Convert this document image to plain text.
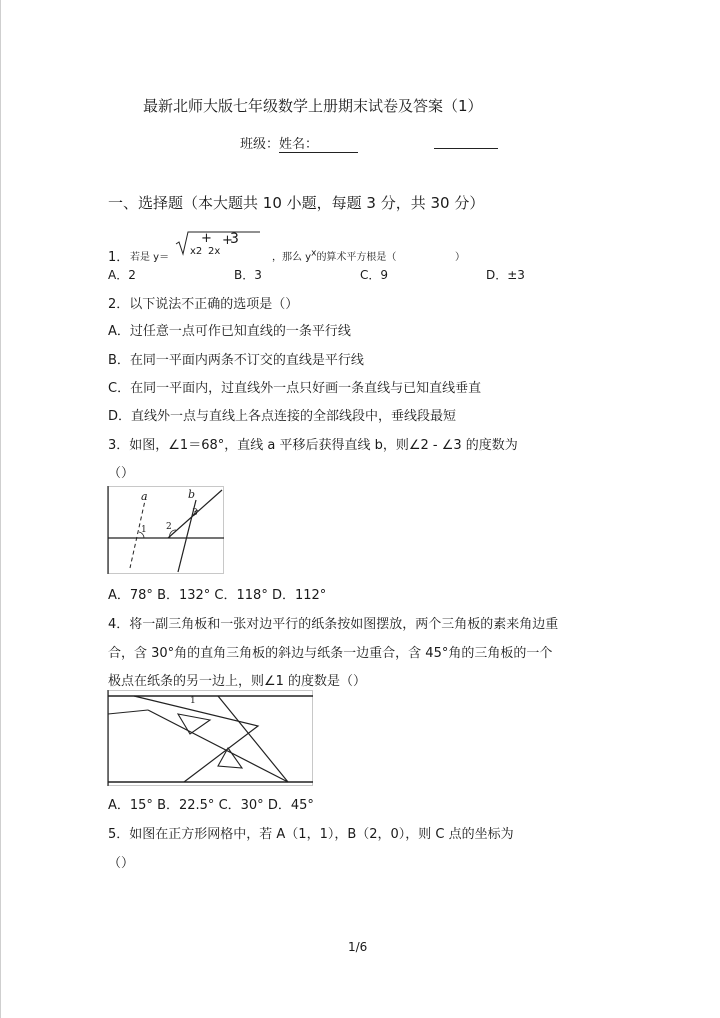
最新北师大版七年级数学上册期末试卷及答案（1）
班级：姓名：
一、选择题（本大题共 10 小题，每题 3 分，共 30 分）
1． 若是 y＝
x2
+
2x
+
3
，那么 $y^x$的算术平方根是（	）
A．2	B．3	C．9	D．±3
2．以下说法不正确的选项是（）
A．过任意一点可作已知直线的一条平行线
B．在同一平面内两条不订交的直线是平行线
C．在同一平面内，过直线外一点只好画一条直线与已知直线垂直
D．直线外一点与直线上各点连接的全部线段中，垂线段最短
3．如图，∠1＝68°，直线 a 平移后获得直线 b，则∠2 - ∠3 的度数为
（）
a	b
1 2
3
A．78° B．132° C．118° D．112°
4．将一副三角板和一张对边平行的纸条按如图摆放，两个三角板的素来角边重
合，含 30°角的直角三角板的斜边与纸条一边重合，含 45°角的三角板的一个
极点在纸条的另一边上，则∠1 的度数是（）
1
A．15° B．22.5° C．30° D．45°
5．如图在正方形网格中，若 A（1，1），B（2，0），则 C 点的坐标为
（）
1/6
